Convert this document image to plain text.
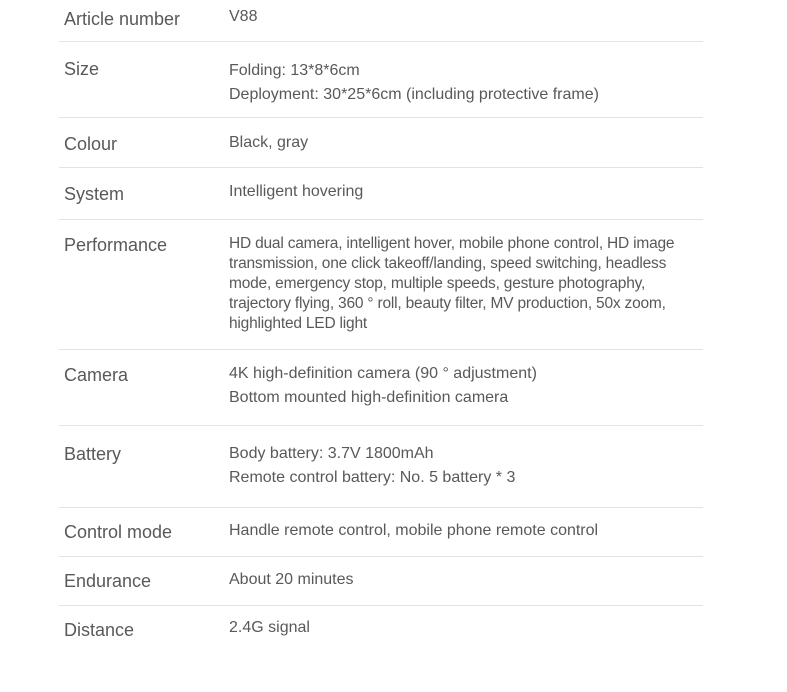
Article number	V88
Size	Folding: 13*8*6cm
Deployment: 30*25*6cm (including protective frame)
Colour	Black, gray
System	Intelligent hovering
Performance	HD dual camera, intelligent hover, mobile phone control, HD image transmission, one click takeoff/landing, speed switching, headless mode, emergency stop, multiple speeds, gesture photography, trajectory flying, 360 ° roll, beauty filter, MV production, 50x zoom, highlighted LED light
Camera	4K high-definition camera (90 ° adjustment)
Bottom mounted high-definition camera
Battery	Body battery: 3.7V 1800mAh
Remote control battery: No. 5 battery * 3
Control mode	Handle remote control, mobile phone remote control
Endurance	About 20 minutes
Distance	2.4G signal
